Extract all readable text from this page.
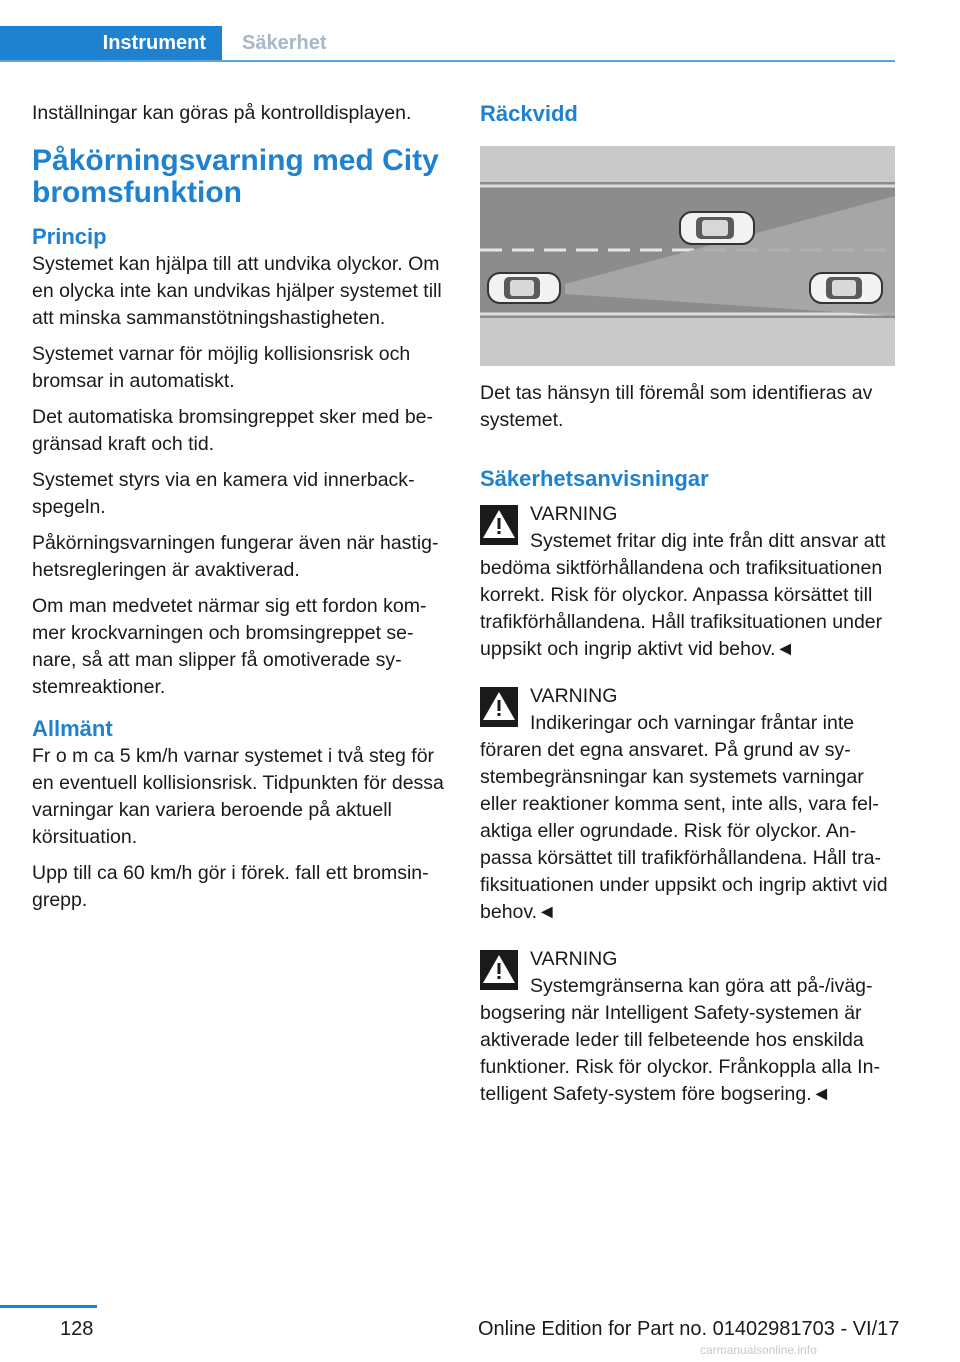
Instrument	Säkerhet

Inställningar kan göras på kontrolldisplayen.

Påkörningsvarning med City bromsfunktion
Princip

Systemet kan hjälpa till att undvika olyckor. Om en olycka inte kan undvikas hjälper systemet till att minska sammanstötningshastigheten.

Systemet varnar för möjlig kollisionsrisk och bromsar in automatiskt.

Det automatiska bromsingreppet sker med begränsad kraft och tid.

Systemet styrs via en kamera vid innerbackspegeln.

Påkörningsvarningen fungerar även när hastighetsregleringen är avaktiverad.

Om man medvetet närmar sig ett fordon kommer krockvarningen och bromsingreppet senare, så att man slipper få omotiverade systemreaktioner.

Allmänt

Fr o m ca 5 km/h varnar systemet i två steg för en eventuell kollisionsrisk. Tidpunkten för dessa varningar kan variera beroende på aktuell körsituation.

Upp till ca 60 km/h gör i förek. fall ett bromsingrepp.

Räckvidd

Det tas hänsyn till föremål som identifieras av systemet.

Säkerhetsanvisningar

VARNING

Systemet fritar dig inte från ditt ansvar att bedöma siktförhållandena och trafiksituationen korrekt. Risk för olyckor. Anpassa körsättet till trafikförhållandena. Håll trafiksituationen under uppsikt och ingrip aktivt vid behov.◄

VARNING

Indikeringar och varningar fråntar inte föraren det egna ansvaret. På grund av systembegränsningar kan systemets varningar eller reaktioner komma sent, inte alls, vara felaktiga eller ogrundade. Risk för olyckor. Anpassa körsättet till trafikförhållandena. Håll trafiksituationen under uppsikt och ingrip aktivt vid behov.◄

VARNING

Systemgränserna kan göra att på-/iväg- bogsering när Intelligent Safety-systemen är aktiverade leder till felbeteende hos enskilda funktioner. Risk för olyckor. Frånkoppla alla Intelligent Safety-system före bogsering.◄

128	Online Edition for Part no. 01402981703 - VI/17
carmanualsonline.info
